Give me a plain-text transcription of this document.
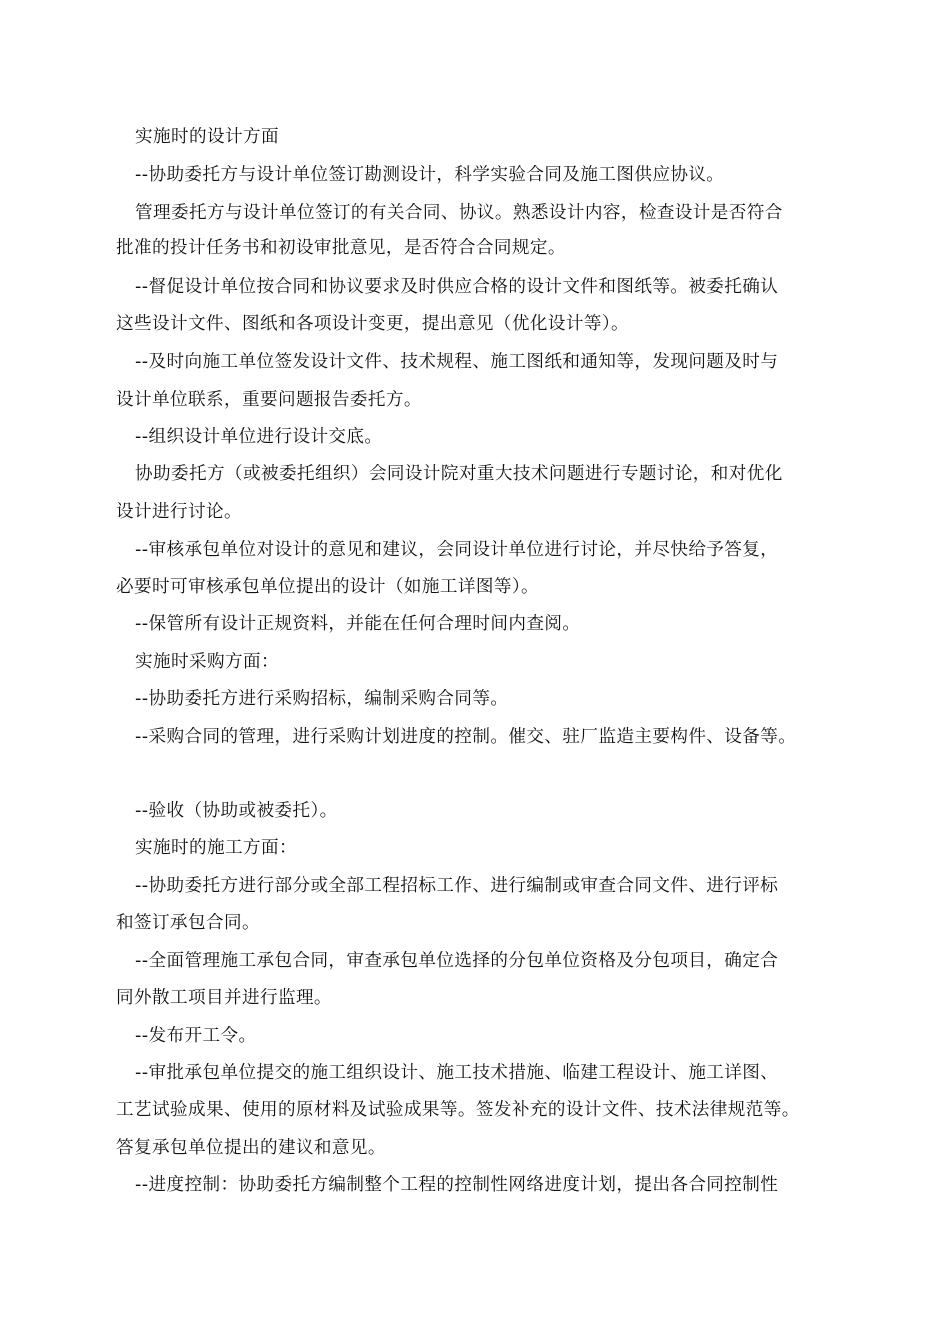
实施时的设计方面
--协助委托方与设计单位签订勘测设计，科学实验合同及施工图供应协议。
管理委托方与设计单位签订的有关合同、协议。熟悉设计内容，检查设计是否符合
批准的投计任务书和初设审批意见，是否符合合同规定。
--督促设计单位按合同和协议要求及时供应合格的设计文件和图纸等。被委托确认
这些设计文件、图纸和各项设计变更，提出意见（优化设计等）。
--及时向施工单位签发设计文件、技术规程、施工图纸和通知等，发现问题及时与
设计单位联系，重要问题报告委托方。
--组织设计单位进行设计交底。
协助委托方（或被委托组织）会同设计院对重大技术问题进行专题讨论，和对优化
设计进行讨论。
--审核承包单位对设计的意见和建议，会同设计单位进行讨论，并尽快给予答复，
必要时可审核承包单位提出的设计（如施工详图等）。
--保管所有设计正规资料，并能在任何合理时间内查阅。
实施时采购方面：
--协助委托方进行采购招标，编制采购合同等。
--采购合同的管理，进行采购计划进度的控制。催交、驻厂监造主要构件、设备等。
--验收（协助或被委托）。
实施时的施工方面：
--协助委托方进行部分或全部工程招标工作、进行编制或审查合同文件、进行评标
和签订承包合同。
--全面管理施工承包合同，审查承包单位选择的分包单位资格及分包项目，确定合
同外散工项目并进行监理。
--发布开工令。
--审批承包单位提交的施工组织设计、施工技术措施、临建工程设计、施工详图、
工艺试验成果、使用的原材料及试验成果等。签发补充的设计文件、技术法律规范等。
答复承包单位提出的建议和意见。
--进度控制：协助委托方编制整个工程的控制性网络进度计划，提出各合同控制性
